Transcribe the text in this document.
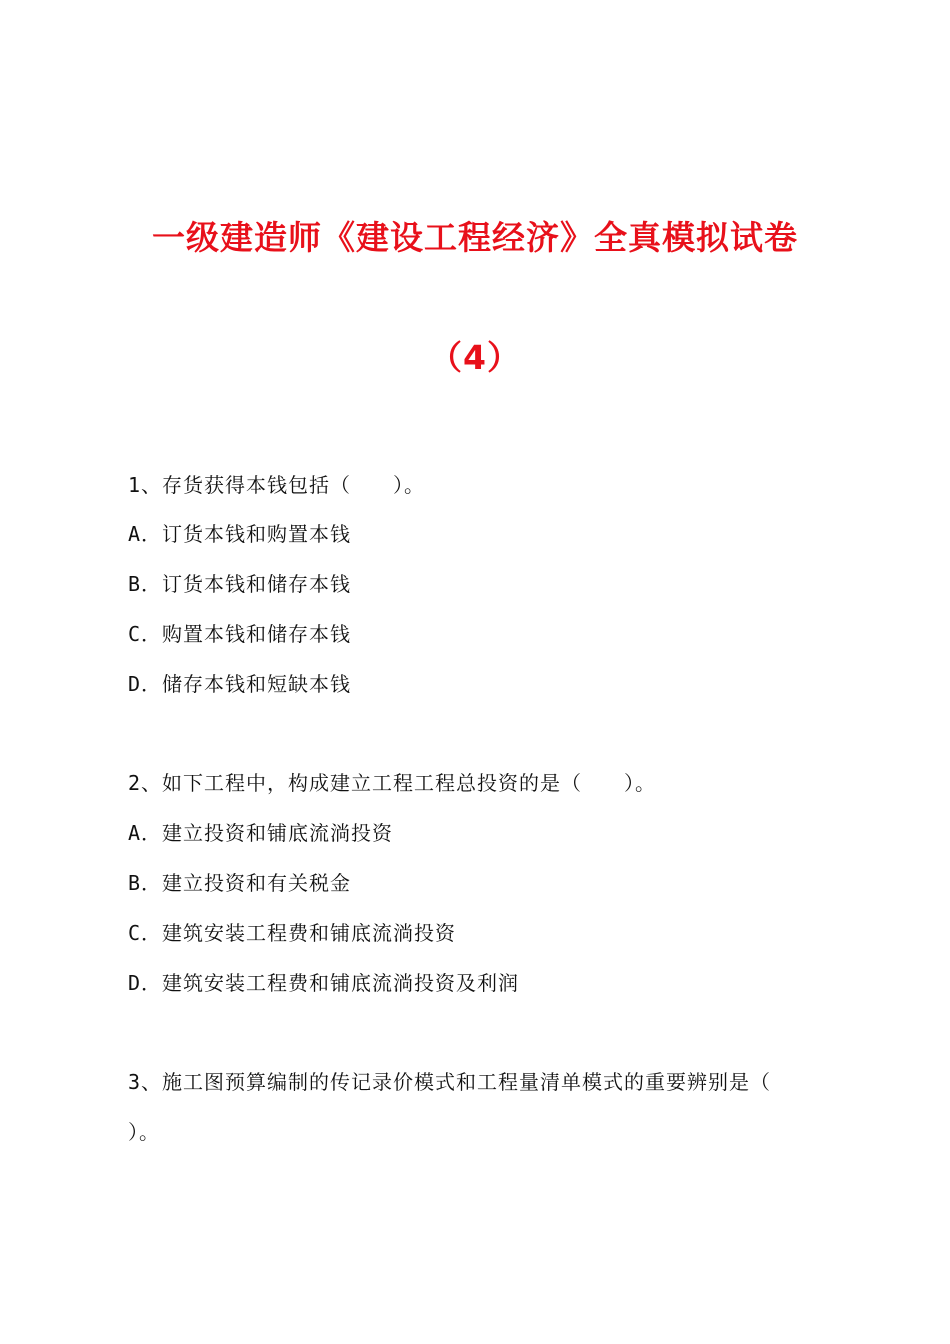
一级建造师《建设工程经济》全真模拟试卷
（4）
1、存货获得本钱包括（　　）。
A．订货本钱和购置本钱
B．订货本钱和储存本钱
C．购置本钱和储存本钱
D．储存本钱和短缺本钱
2、如下工程中，构成建立工程工程总投资的是（　　）。
A．建立投资和铺底流淌投资
B．建立投资和有关税金
C．建筑安装工程费和铺底流淌投资
D．建筑安装工程费和铺底流淌投资及利润
3、施工图预算编制的传记录价模式和工程量清单模式的重要辨别是（
）。
